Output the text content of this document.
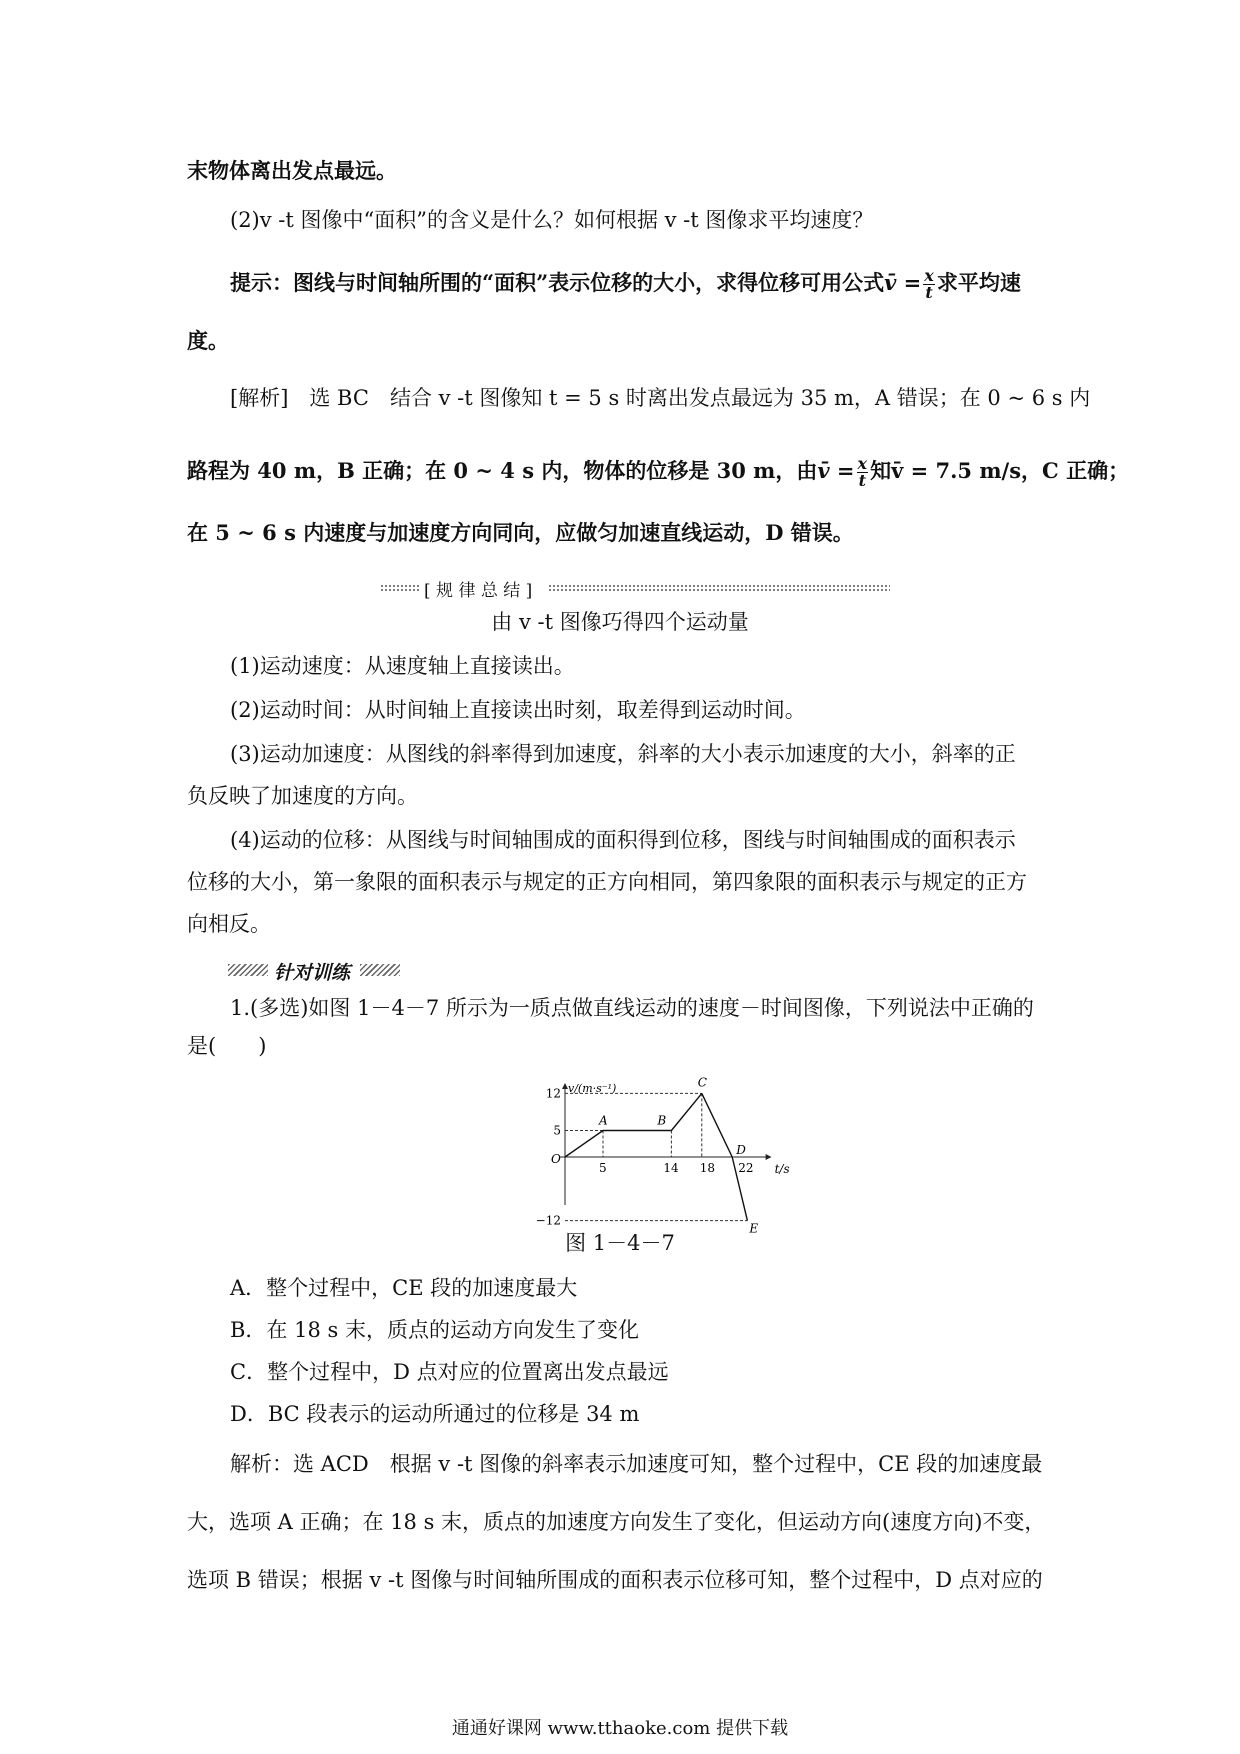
末物体离出发点最远。
(2)v -t 图像中“面积”的含义是什么？如何根据 v -t 图像求平均速度？
提示：图线与时间轴所围的“面积”表示位移的大小，求得位移可用公式v̄ = $\frac{x}{t}$ 求平均速
度。
[解析]　选 BC　结合 v -t 图像知 t = 5 s 时离出发点最远为 35 m，A 错误；在 0 ~ 6 s 内
路程为 40 m，B 正确；在 0 ~ 4 s 内，物体的位移是 30 m，由v̄ = $\frac{x}{t}$ 知v̄ = 7.5 m/s，C 正确；
在 5 ~ 6 s 内速度与加速度方向同向，应做匀加速直线运动，D 错误。
[ 规 律 总 结 ]
由 v -t 图像巧得四个运动量
(1)运动速度：从速度轴上直接读出。
(2)运动时间：从时间轴上直接读出时刻，取差得到运动时间。
(3)运动加速度：从图线的斜率得到加速度，斜率的大小表示加速度的大小，斜率的正
负反映了加速度的方向。
(4)运动的位移：从图线与时间轴围成的面积得到位移，图线与时间轴围成的面积表示
位移的大小，第一象限的面积表示与规定的正方向相同，第四象限的面积表示与规定的正方
向相反。
针对训练
1.(多选)如图 1－4－7 所示为一质点做直线运动的速度－时间图像，下列说法中正确的
是(　　)
v/(m·s⁻¹)
t/s
O
A	B
C
D
E
5	14 18 22
12
5
−12
图 1－4－7
A．整个过程中，CE 段的加速度最大
B．在 18 s 末，质点的运动方向发生了变化
C．整个过程中，D 点对应的位置离出发点最远
D．BC 段表示的运动所通过的位移是 34 m
解析：选 ACD　根据 v -t 图像的斜率表示加速度可知，整个过程中，CE 段的加速度最
大，选项 A 正确；在 18 s 末，质点的加速度方向发生了变化，但运动方向(速度方向)不变，
选项 B 错误；根据 v -t 图像与时间轴所围成的面积表示位移可知，整个过程中，D 点对应的
通通好课网 www.tthaoke.com 提供下载
